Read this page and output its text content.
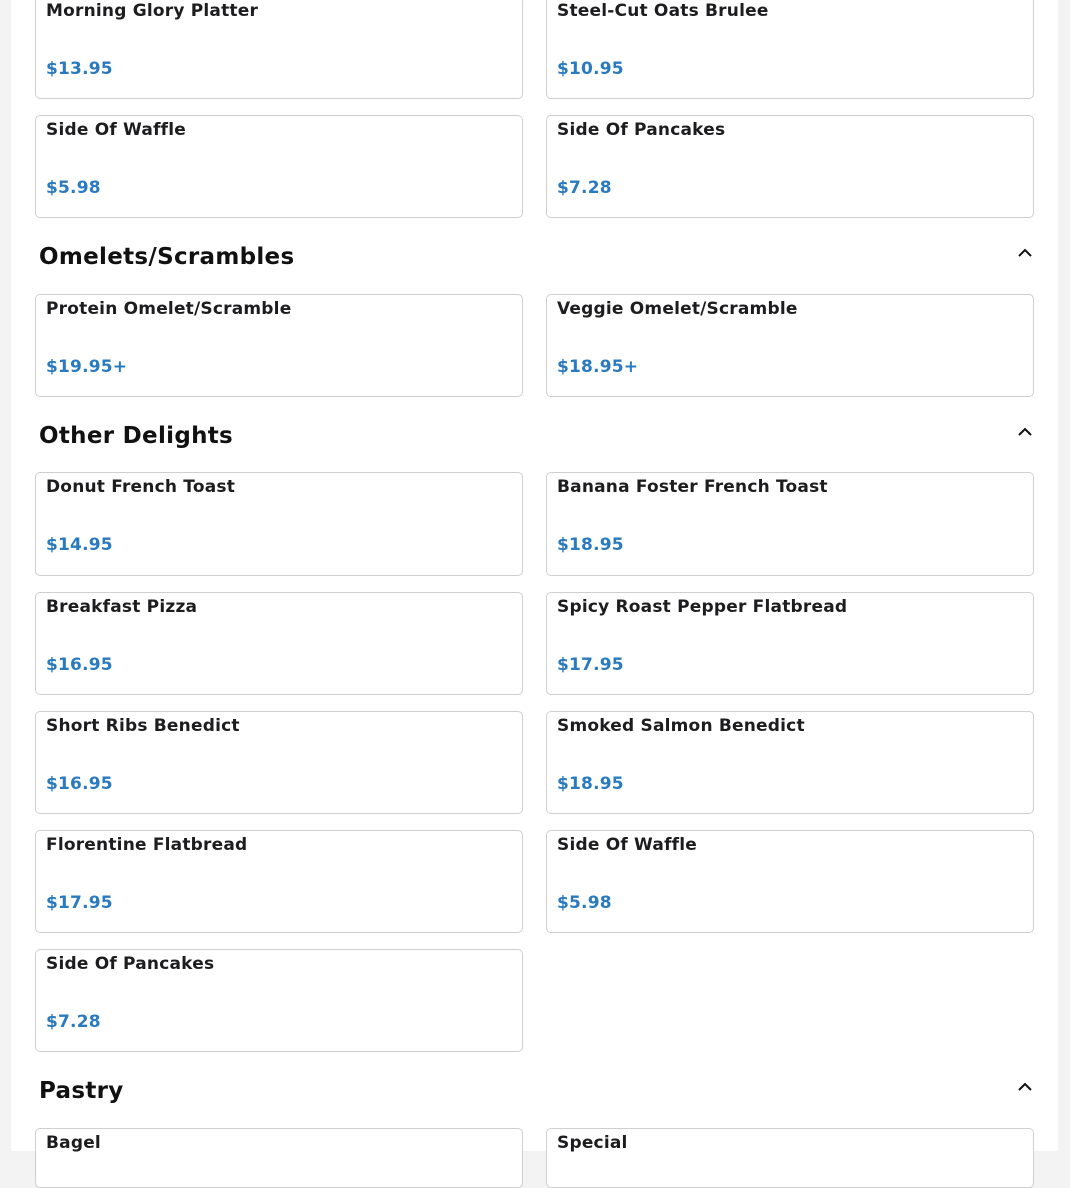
Morning Glory Platter
$13.95
Steel-Cut Oats Brulee
$10.95
Side Of Waffle
$5.98
Side Of Pancakes
$7.28
Omelets/Scrambles
Protein Omelet/Scramble
$19.95+
Veggie Omelet/Scramble
$18.95+
Other Delights
Donut French Toast
$14.95
Banana Foster French Toast
$18.95
Breakfast Pizza
$16.95
Spicy Roast Pepper Flatbread
$17.95
Short Ribs Benedict
$16.95
Smoked Salmon Benedict
$18.95
Florentine Flatbread
$17.95
Side Of Waffle
$5.98
Side Of Pancakes
$7.28
Pastry
Bagel	Special
